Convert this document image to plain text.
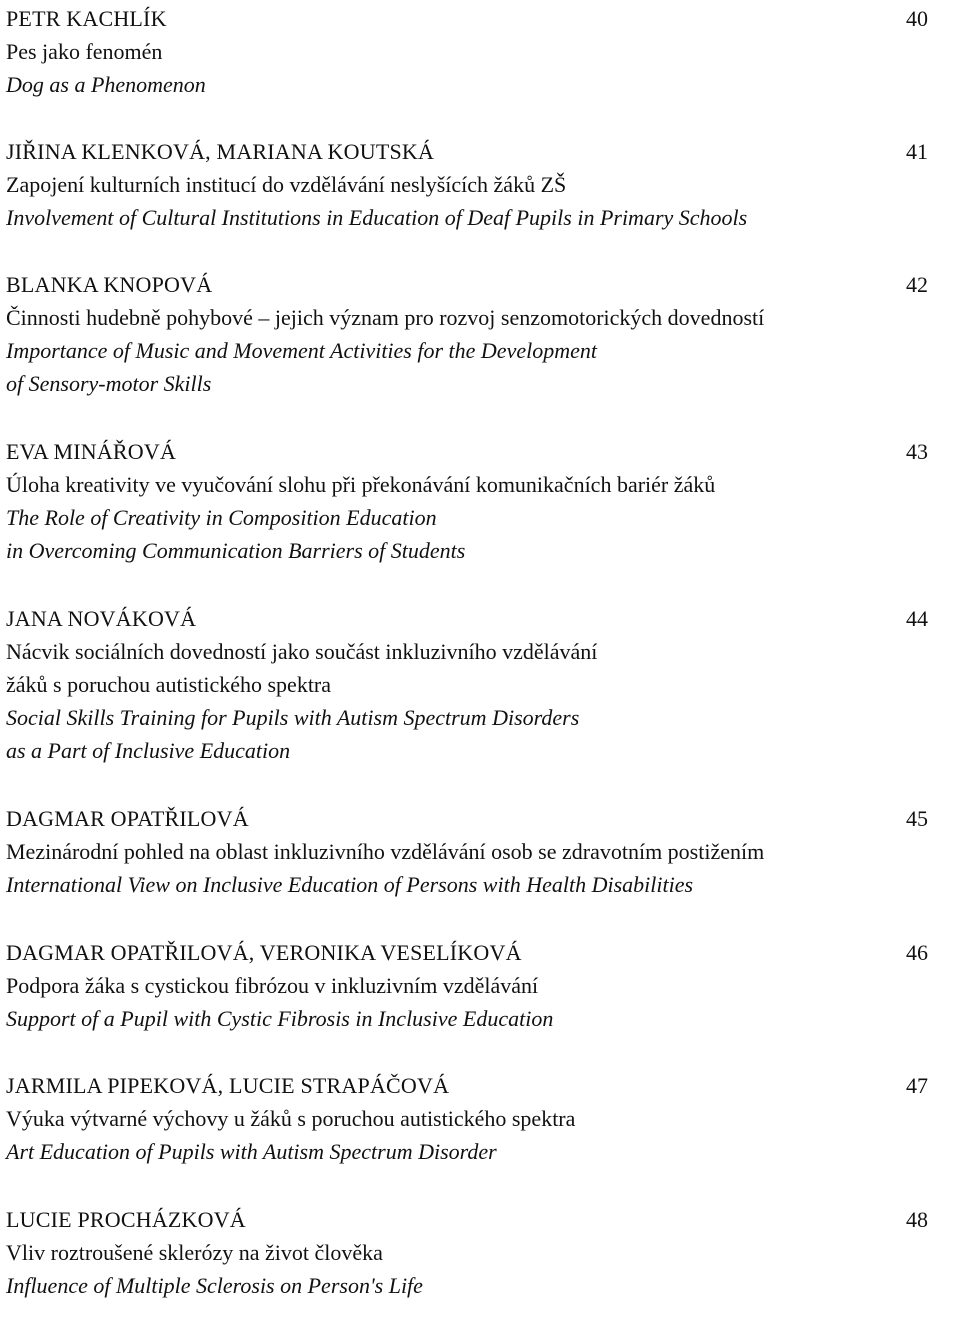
PETR KACHLÍK	40
Pes jako fenomén
Dog as a Phenomenon
JIŘINA KLENKOVÁ, MARIANA KOUTSKÁ	41
Zapojení kulturních institucí do vzdělávání neslyšících žáků ZŠ
Involvement of Cultural Institutions in Education of Deaf Pupils in Primary Schools
BLANKA KNOPOVÁ	42
Činnosti hudebně pohybové – jejich význam pro rozvoj senzomotorických dovedností
Importance of Music and Movement Activities for the Development
of Sensory-motor Skills
EVA MINÁŘOVÁ	43
Úloha kreativity ve vyučování slohu při překonávání komunikačních bariér žáků
The Role of Creativity in Composition Education
in Overcoming Communication Barriers of Students
JANA NOVÁKOVÁ	44
Nácvik sociálních dovedností jako součást inkluzivního vzdělávání
žáků s poruchou autistického spektra
Social Skills Training for Pupils with Autism Spectrum Disorders
as a Part of Inclusive Education
DAGMAR OPATŘILOVÁ	45
Mezinárodní pohled na oblast inkluzivního vzdělávání osob se zdravotním postižením
International View on Inclusive Education of Persons with Health Disabilities
DAGMAR OPATŘILOVÁ, VERONIKA VESELÍKOVÁ	46
Podpora žáka s cystickou fibrózou v inkluzivním vzdělávání
Support of a Pupil with Cystic Fibrosis in Inclusive Education
JARMILA PIPEKOVÁ, LUCIE STRAPÁČOVÁ	47
Výuka výtvarné výchovy u žáků s poruchou autistického spektra
Art Education of Pupils with Autism Spectrum Disorder
LUCIE PROCHÁZKOVÁ	48
Vliv roztroušené sklerózy na život člověka
Influence of Multiple Sclerosis on Person's Life
